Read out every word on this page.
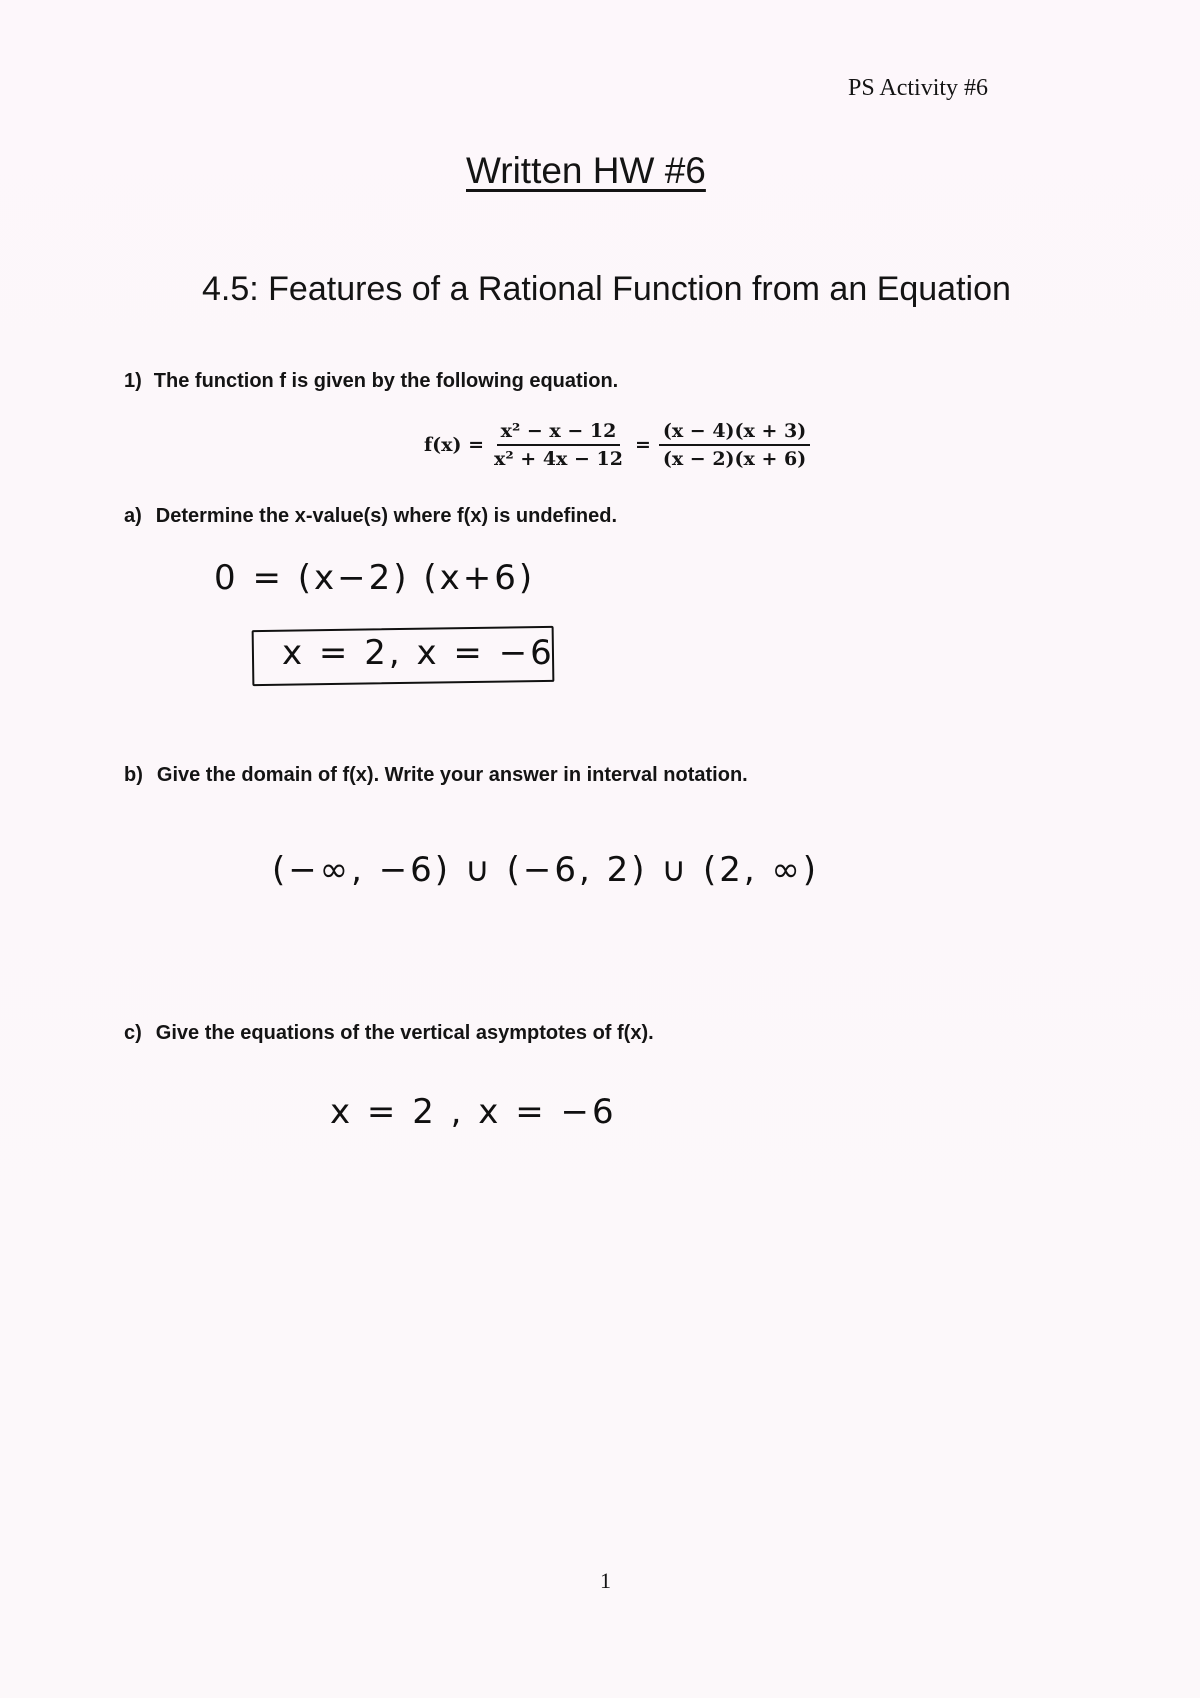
PS Activity #6
Written HW #6
4.5: Features of a Rational Function from an Equation
1) The function f is given by the following equation.
$f(x) = \frac{\text{x² − x − 12}}{\text{x² + 4x − 12}} = \frac{(x - 4)(x + 3)}{(x - 2)(x + 6)}$
a) Determine the x-value(s) where f(x) is undefined.
0 = (x−2) (x+6)
x = 2, x = −6
b) Give the domain of f(x). Write your answer in interval notation.
(−∞, −6) ∪ (−6, 2) ∪ (2, ∞)
c) Give the equations of the vertical asymptotes of f(x).
x = 2 , x = −6
1
